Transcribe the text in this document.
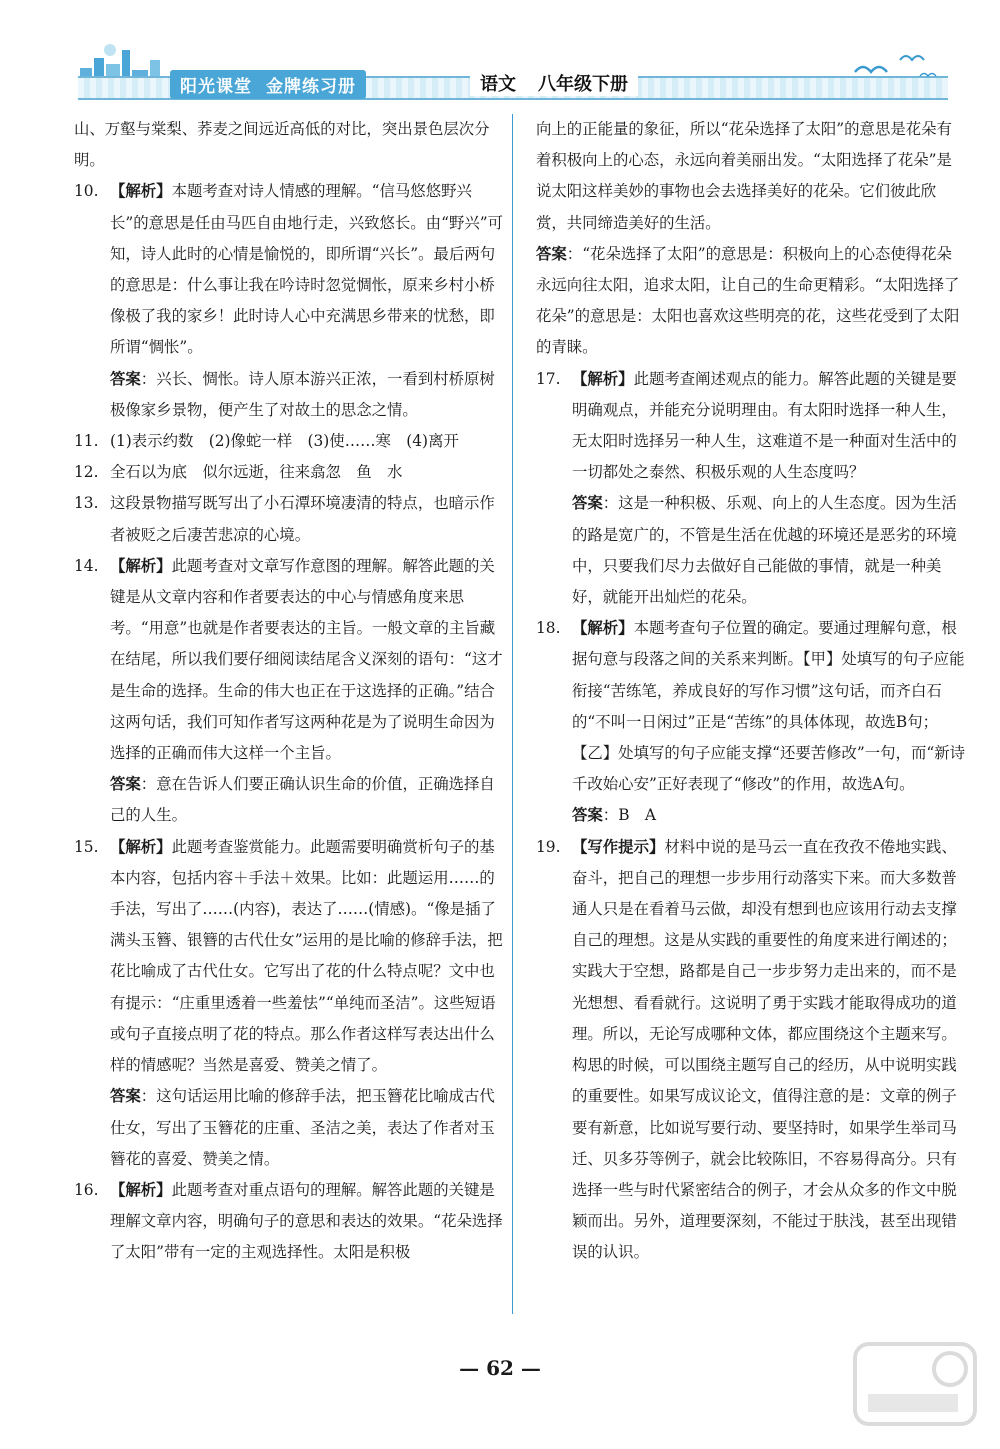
阳光课堂 金牌练习册	语文 八年级下册

山、万壑与棠梨、荞麦之间远近高低的对比，突出景色层次分明。

10. 【解析】本题考查对诗人情感的理解。“信马悠悠野兴长”的意思是任由马匹自由地行走，兴致悠长。由“野兴”可知，诗人此时的心情是愉悦的，即所谓“兴长”。最后两句的意思是：什么事让我在吟诗时忽觉惆怅，原来乡村小桥像极了我的家乡！此时诗人心中充满思乡带来的忧愁，即所谓“惆怅”。
答案：兴长、惆怅。诗人原本游兴正浓，一看到村桥原树极像家乡景物，便产生了对故土的思念之情。
11. (1)表示约数　(2)像蛇一样　(3)使……寒　(4)离开
12. 全石以为底　似尔远逝，往来翕忽　鱼　水
13. 这段景物描写既写出了小石潭环境凄清的特点，也暗示作者被贬之后凄苦悲凉的心境。
14. 【解析】此题考查对文章写作意图的理解。解答此题的关键是从文章内容和作者要表达的中心与情感角度来思考。“用意”也就是作者要表达的主旨。一般文章的主旨藏在结尾，所以我们要仔细阅读结尾含义深刻的语句：“这才是生命的选择。生命的伟大也正在于这选择的正确。”结合这两句话，我们可知作者写这两种花是为了说明生命因为选择的正确而伟大这样一个主旨。
答案：意在告诉人们要正确认识生命的价值，正确选择自己的人生。
15. 【解析】此题考查鉴赏能力。此题需要明确赏析句子的基本内容，包括内容＋手法＋效果。比如：此题运用……的手法，写出了……(内容)，表达了……(情感)。“像是插了满头玉簪、银簪的古代仕女”运用的是比喻的修辞手法，把花比喻成了古代仕女。它写出了花的什么特点呢？文中也有提示：“庄重里透着一些羞怯”“单纯而圣洁”。这些短语或句子直接点明了花的特点。那么作者这样写表达出什么样的情感呢？当然是喜爱、赞美之情了。
答案：这句话运用比喻的修辞手法，把玉簪花比喻成古代仕女，写出了玉簪花的庄重、圣洁之美，表达了作者对玉簪花的喜爱、赞美之情。
16. 【解析】此题考查对重点语句的理解。解答此题的关键是理解文章内容，明确句子的意思和表达的效果。“花朵选择了太阳”带有一定的主观选择性。太阳是积极
向上的正能量的象征，所以“花朵选择了太阳”的意思是花朵有着积极向上的心态，永远向着美丽出发。“太阳选择了花朵”是说太阳这样美妙的事物也会去选择美好的花朵。它们彼此欣赏，共同缔造美好的生活。
答案：“花朵选择了太阳”的意思是：积极向上的心态使得花朵永远向往太阳，追求太阳，让自己的生命更精彩。“太阳选择了花朵”的意思是：太阳也喜欢这些明亮的花，这些花受到了太阳的青睐。
17. 【解析】此题考查阐述观点的能力。解答此题的关键是要明确观点，并能充分说明理由。有太阳时选择一种人生，无太阳时选择另一种人生，这难道不是一种面对生活中的一切都处之泰然、积极乐观的人生态度吗？
答案：这是一种积极、乐观、向上的人生态度。因为生活的路是宽广的，不管是生活在优越的环境还是恶劣的环境中，只要我们尽力去做好自己能做的事情，就是一种美好，就能开出灿烂的花朵。
18. 【解析】本题考查句子位置的确定。要通过理解句意，根据句意与段落之间的关系来判断。【甲】处填写的句子应能衔接“苦练笔，养成良好的写作习惯”这句话，而齐白石的“不叫一日闲过”正是“苦练”的具体体现，故选B句；【乙】处填写的句子应能支撑“还要苦修改”一句，而“新诗千改始心安”正好表现了“修改”的作用，故选A句。
答案：B　A
19. 【写作提示】材料中说的是马云一直在孜孜不倦地实践、奋斗，把自己的理想一步步用行动落实下来。而大多数普通人只是在看着马云做，却没有想到也应该用行动去支撑自己的理想。这是从实践的重要性的角度来进行阐述的；实践大于空想，路都是自己一步步努力走出来的，而不是光想想、看看就行。这说明了勇于实践才能取得成功的道理。所以，无论写成哪种文体，都应围绕这个主题来写。构思的时候，可以围绕主题写自己的经历，从中说明实践的重要性。如果写成议论文，值得注意的是：文章的例子要有新意，比如说写要行动、要坚持时，如果学生举司马迁、贝多芬等例子，就会比较陈旧，不容易得高分。只有选择一些与时代紧密结合的例子，才会从众多的作文中脱颖而出。另外，道理要深刻，不能过于肤浅，甚至出现错误的认识。
— 62 —
